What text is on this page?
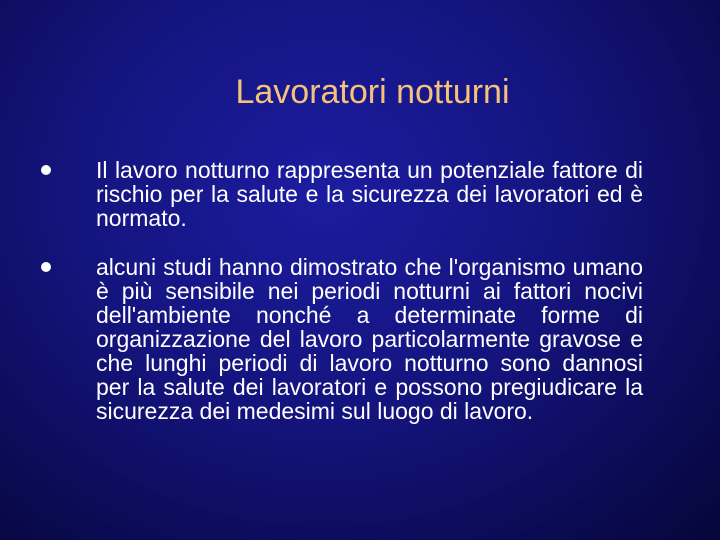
Lavoratori notturni
Il lavoro notturno rappresenta un potenziale fattore di rischio per la salute e la sicurezza dei lavoratori ed è normato.
alcuni studi hanno dimostrato che l'organismo umano è più sensibile nei periodi notturni ai fattori nocivi dell'ambiente nonché a determinate forme di organizzazione del lavoro particolarmente gravose e che lunghi periodi di lavoro notturno sono dannosi per la salute dei lavoratori e possono pregiudicare la sicurezza dei medesimi sul luogo di lavoro.
